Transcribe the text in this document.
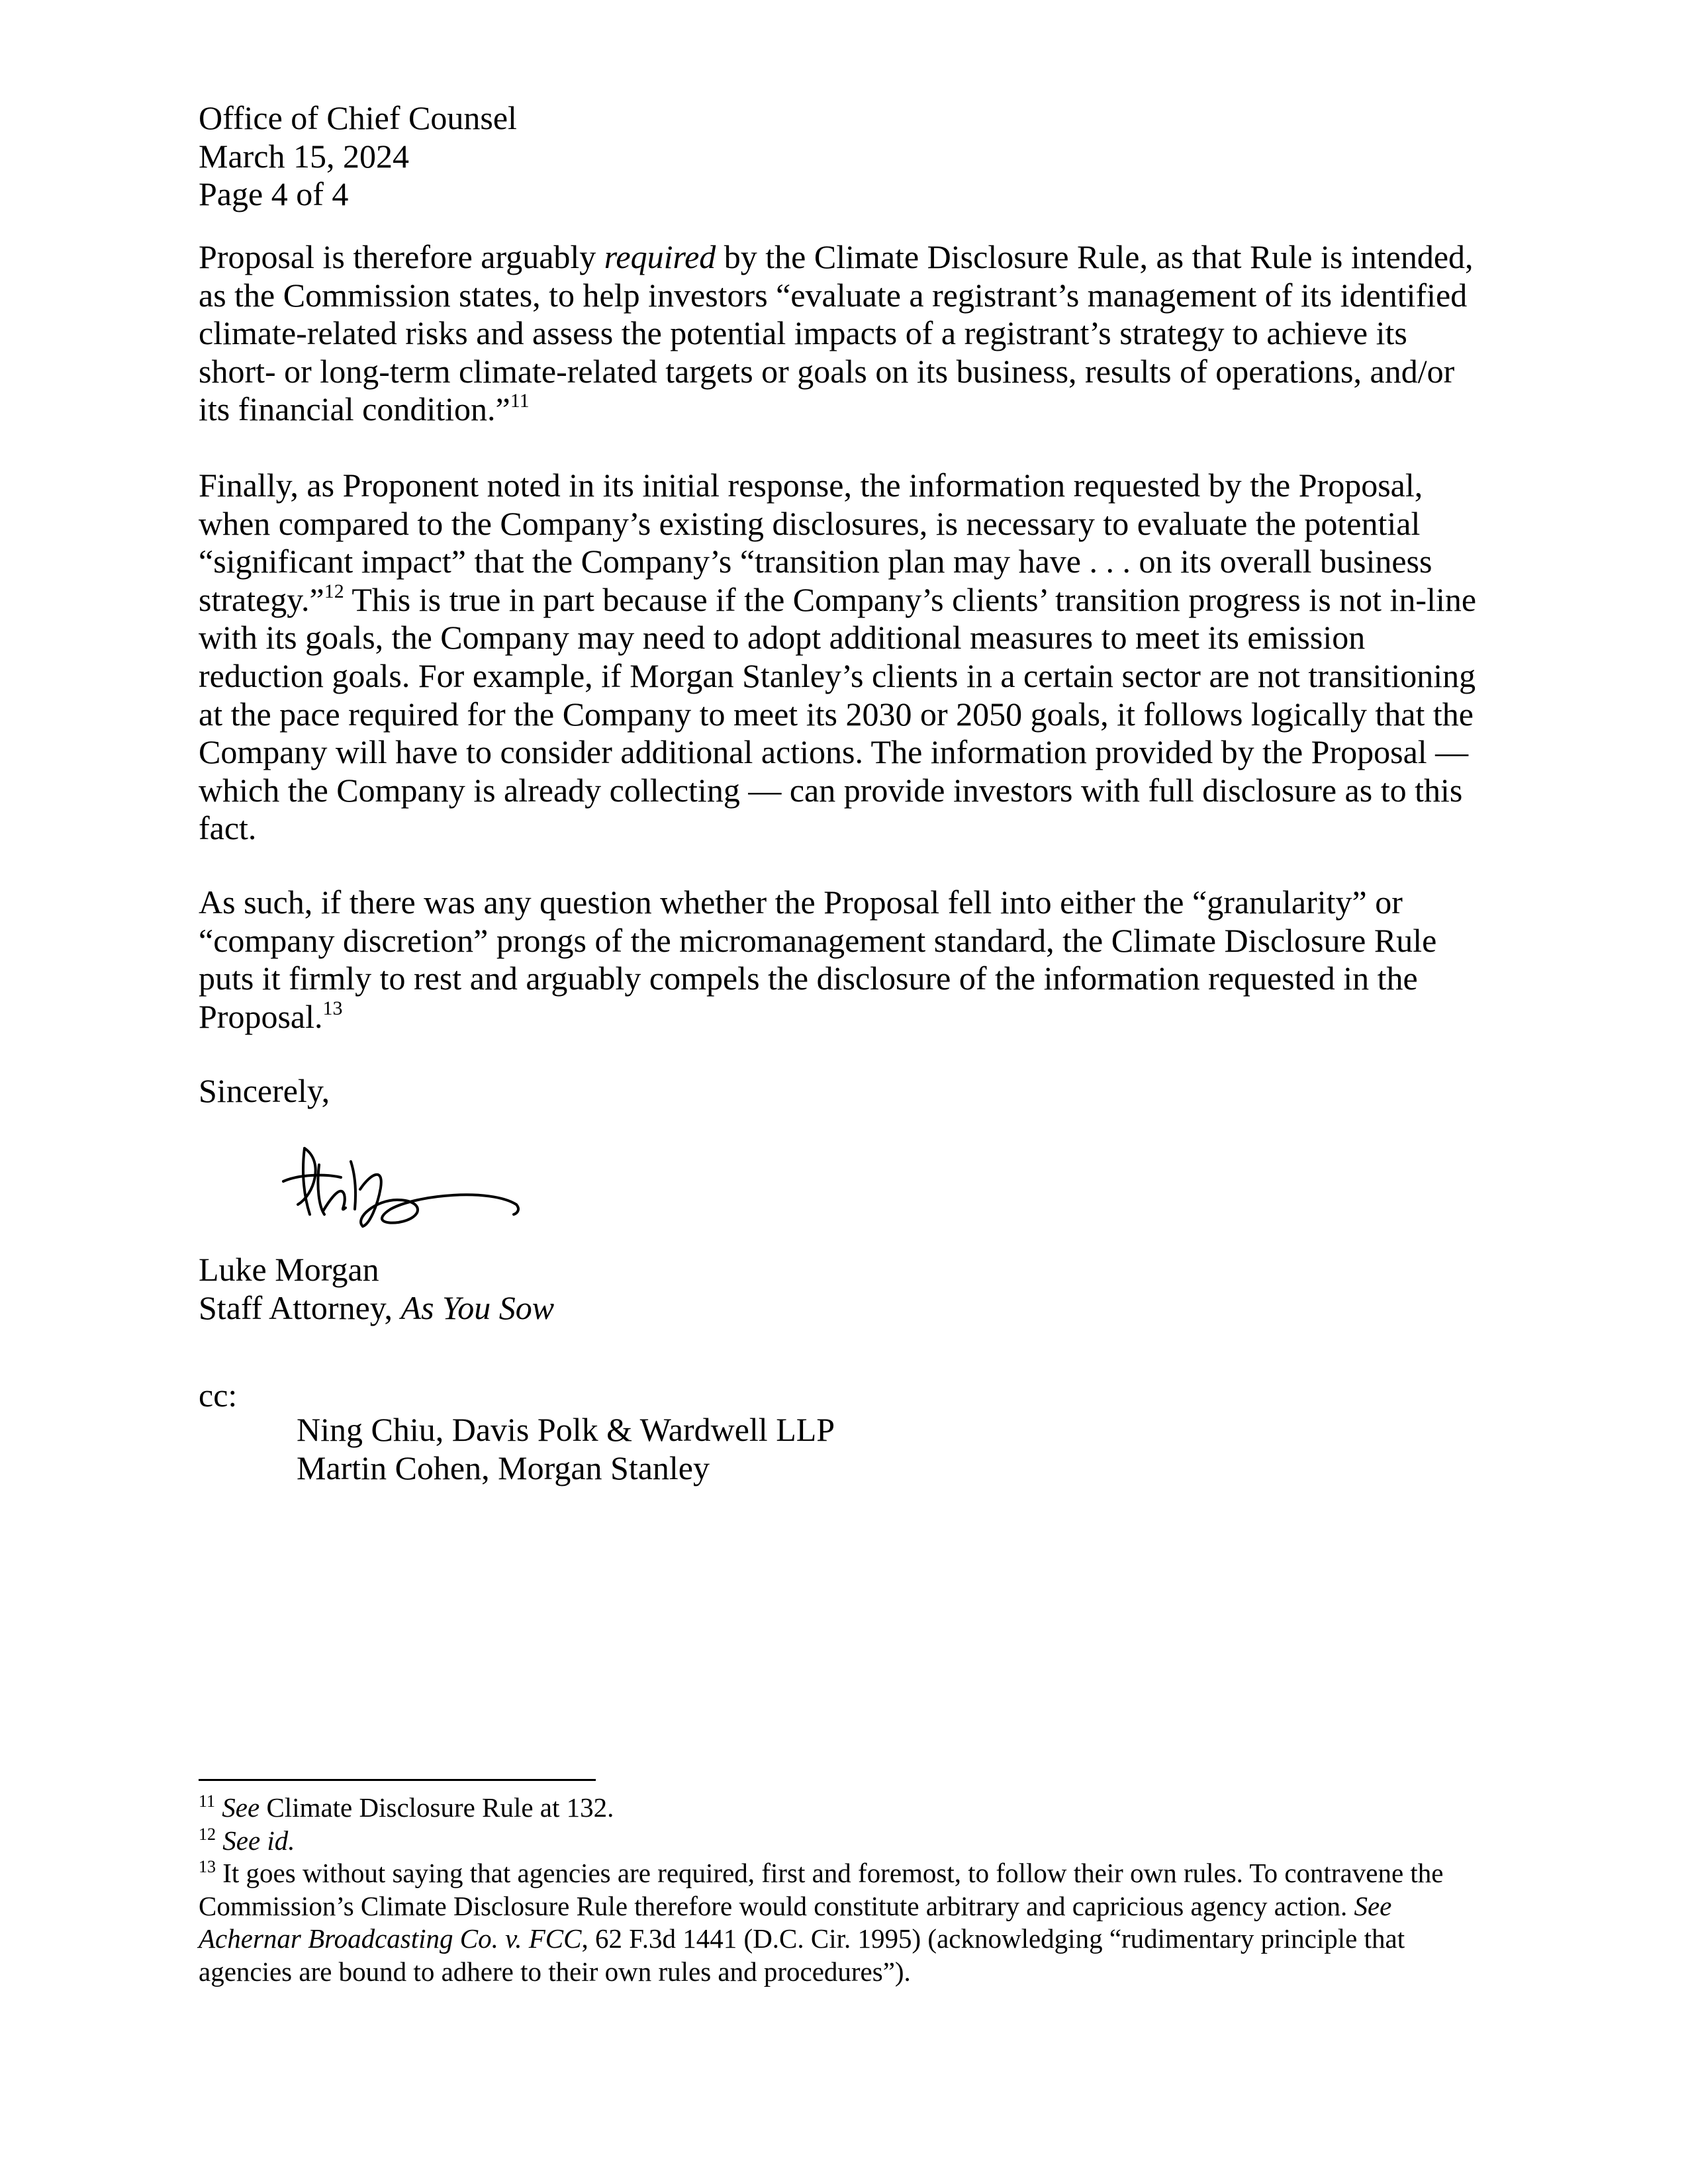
Office of Chief Counsel
March 15, 2024
Page 4 of 4
Proposal is therefore arguably required by the Climate Disclosure Rule, as that Rule is intended,
as the Commission states, to help investors “evaluate a registrant’s management of its identified
climate-related risks and assess the potential impacts of a registrant’s strategy to achieve its
short- or long-term climate-related targets or goals on its business, results of operations, and/or
its financial condition.”$^{11}$
Finally, as Proponent noted in its initial response, the information requested by the Proposal,
when compared to the Company’s existing disclosures, is necessary to evaluate the potential
“significant impact” that the Company’s “transition plan may have . . . on its overall business
strategy.”$^{12}$ This is true in part because if the Company’s clients’ transition progress is not in-line
with its goals, the Company may need to adopt additional measures to meet its emission
reduction goals. For example, if Morgan Stanley’s clients in a certain sector are not transitioning
at the pace required for the Company to meet its 2030 or 2050 goals, it follows logically that the
Company will have to consider additional actions. The information provided by the Proposal —
which the Company is already collecting — can provide investors with full disclosure as to this
fact.
As such, if there was any question whether the Proposal fell into either the “granularity” or
“company discretion” prongs of the micromanagement standard, the Climate Disclosure Rule
puts it firmly to rest and arguably compels the disclosure of the information requested in the
Proposal.$^{13}$
Sincerely,
Luke Morgan
Staff Attorney, As You Sow
cc:
Ning Chiu, Davis Polk & Wardwell LLP
Martin Cohen, Morgan Stanley
$^{11}$ See Climate Disclosure Rule at 132.
$^{12}$ See id.
$^{13}$ It goes without saying that agencies are required, first and foremost, to follow their own rules. To contravene the
Commission’s Climate Disclosure Rule therefore would constitute arbitrary and capricious agency action. See
Achernar Broadcasting Co. v. FCC, 62 F.3d 1441 (D.C. Cir. 1995) (acknowledging “rudimentary principle that
agencies are bound to adhere to their own rules and procedures”).
